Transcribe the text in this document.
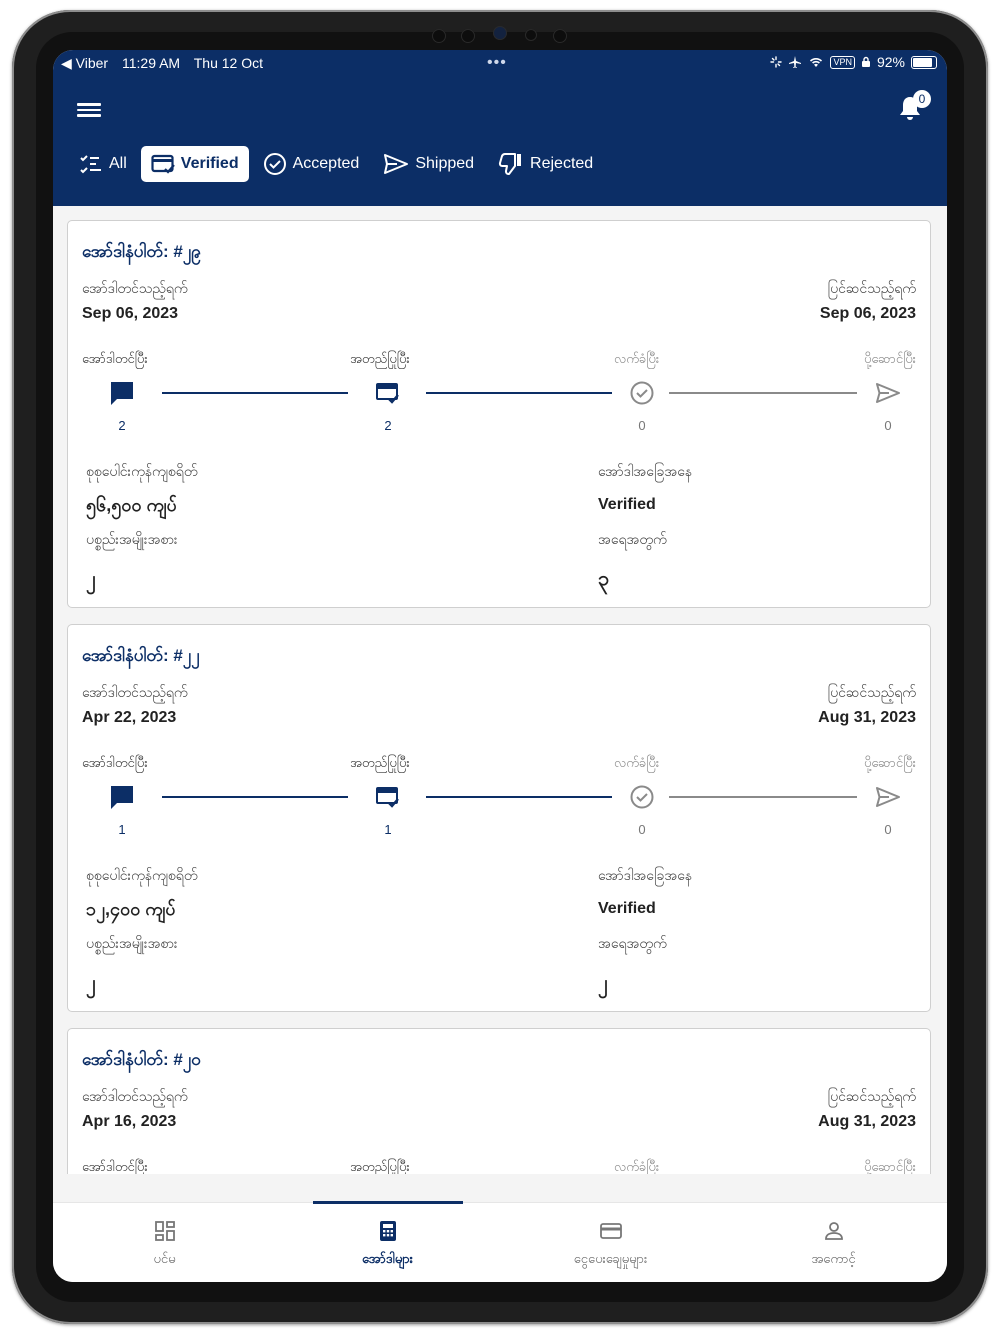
◀ Viber 11:29 AM Thu 12 Oct	•••	VPN 92%
0
All	Verified	Accepted	Shipped	Rejected
အော်ဒါနံပါတ်: #၂၉
အော်ဒါတင်သည့်ရက်
Sep 06, 2023
ပြင်ဆင်သည့်ရက်
Sep 06, 2023
အော်ဒါတင်ပြီး	အတည်ပြုပြီး	လက်ခံပြီး	ပို့ဆောင်ပြီး
2	2	0	0
စုစုပေါင်းကုန်ကျစရိတ်
၅၆,၅၀၀ ကျပ်
အော်ဒါအခြေအနေ
Verified
ပစ္စည်းအမျိုးအစား
၂
အရေအတွက်
၃
အော်ဒါနံပါတ်: #၂၂
အော်ဒါတင်သည့်ရက်
Apr 22, 2023
ပြင်ဆင်သည့်ရက်
Aug 31, 2023
အော်ဒါတင်ပြီး	အတည်ပြုပြီး	လက်ခံပြီး	ပို့ဆောင်ပြီး
1	1	0	0
စုစုပေါင်းကုန်ကျစရိတ်
၁၂,၄၀၀ ကျပ်
အော်ဒါအခြေအနေ
Verified
ပစ္စည်းအမျိုးအစား
၂
အရေအတွက်
၂
အော်ဒါနံပါတ်: #၂၀
အော်ဒါတင်သည့်ရက်
Apr 16, 2023
ပြင်ဆင်သည့်ရက်
Aug 31, 2023
အော်ဒါတင်ပြီး	အတည်ပြုပြီး	လက်ခံပြီး	ပို့ဆောင်ပြီး
ပင်မ	အော်ဒါများ	ငွေပေးချေမှုများ	အကောင့်
